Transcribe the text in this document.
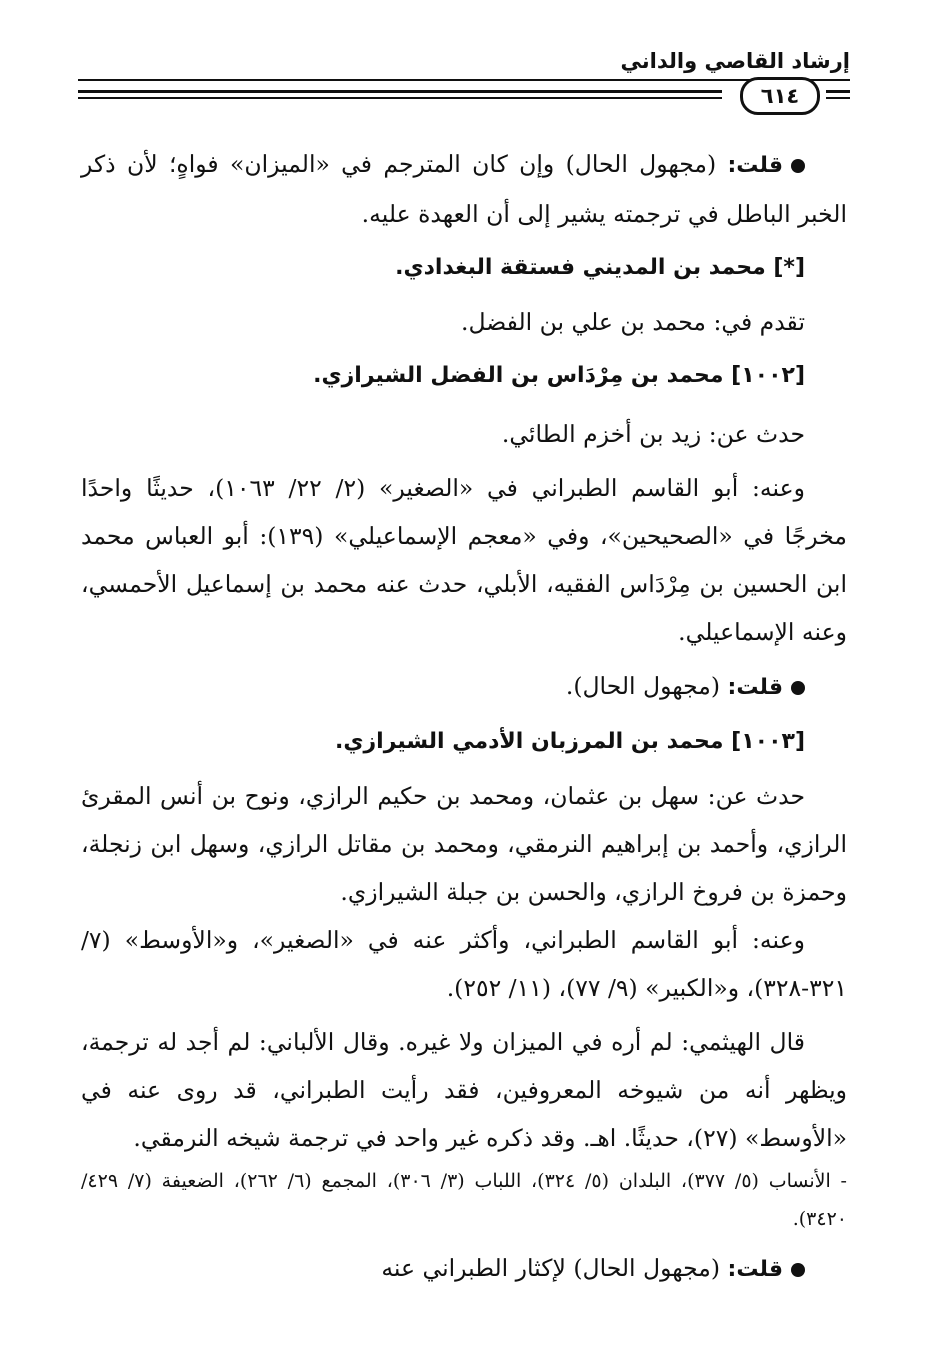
إرشاد القاصي والداني
٦١٤

قلت: (مجهول الحال) وإن كان المترجم في «الميزان» فواهٍ؛ لأن ذكر الخبر الباطل في ترجمته يشير إلى أن العهدة عليه.

[*] محمد بن المديني فستقة البغدادي.

تقدم في: محمد بن علي بن الفضل.

[١٠٠٢] محمد بن مِرْدَاس بن الفضل الشيرازي.

حدث عن: زيد بن أخزم الطائي.

وعنه: أبو القاسم الطبراني في «الصغير» (٢/ ٢٢/ ١٠٦٣)، حديثًا واحدًا مخرجًا في «الصحيحين»، وفي «معجم الإسماعيلي» (١٣٩): أبو العباس محمد ابن الحسين بن مِرْدَاس الفقيه، الأبلي، حدث عنه محمد بن إسماعيل الأحمسي، وعنه الإسماعيلي.

قلت: (مجهول الحال).

[١٠٠٣] محمد بن المرزبان الأدمي الشيرازي.

حدث عن: سهل بن عثمان، ومحمد بن حكيم الرازي، ونوح بن أنس المقرئ الرازي، وأحمد بن إبراهيم النرمقي، ومحمد بن مقاتل الرازي، وسهل ابن زنجلة، وحمزة بن فروخ الرازي، والحسن بن جبلة الشيرازي.

وعنه: أبو القاسم الطبراني، وأكثر عنه في «الصغير»، و«الأوسط» (٧/ ٣٢١-٣٢٨)، و«الكبير» (٩/ ٧٧)، (١١/ ٢٥٢).

قال الهيثمي: لم أره في الميزان ولا غيره. وقال الألباني: لم أجد له ترجمة، ويظهر أنه من شيوخه المعروفين، فقد رأيت الطبراني، قد روى عنه في «الأوسط» (٢٧)، حديثًا. اهـ. وقد ذكره غير واحد في ترجمة شيخه النرمقي.

- الأنساب (٥/ ٣٧٧)، البلدان (٥/ ٣٢٤)، اللباب (٣/ ٣٠٦)، المجمع (٦/ ٢٦٢)، الضعيفة (٧/ ٤٢٩/ ٣٤٢٠).

قلت: (مجهول الحال) لإكثار الطبراني عنه
